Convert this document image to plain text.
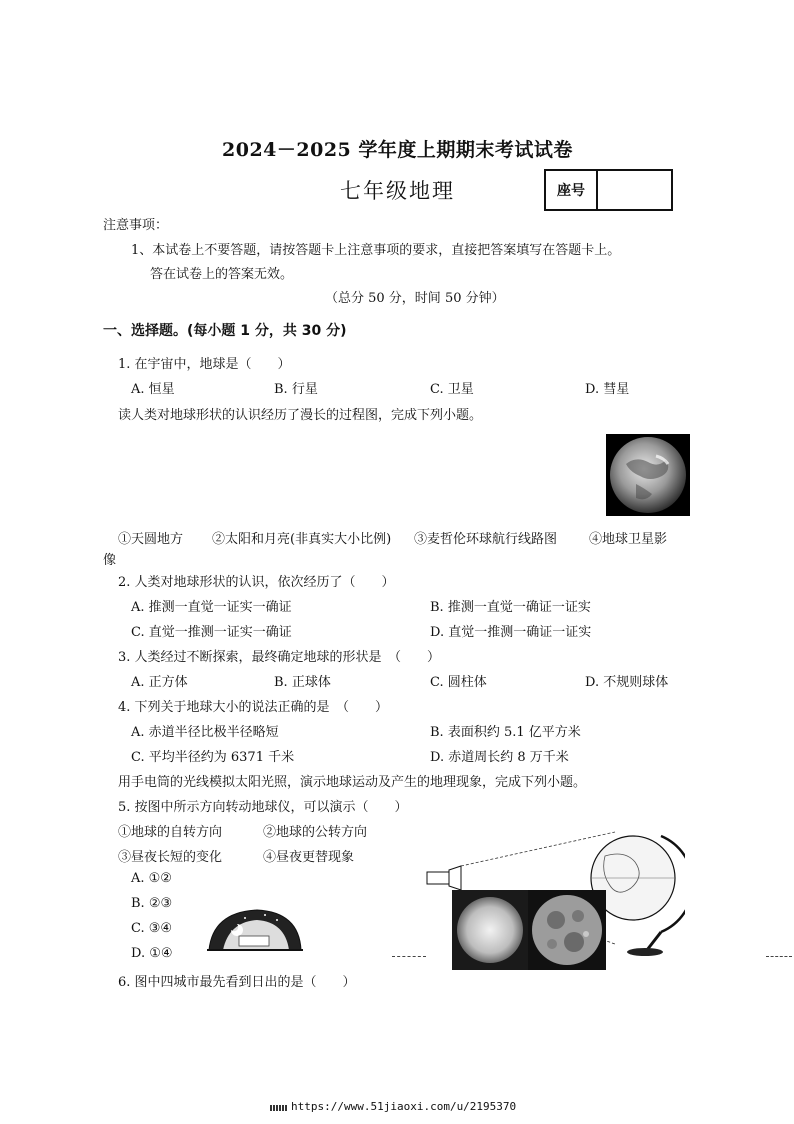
2024－2025 学年度上期期末考试试卷
七年级地理	座号
注意事项：
1、本试卷上不要答题，请按答题卡上注意事项的要求，直接把答案填写在答题卡上。
答在试卷上的答案无效。
（总分 50 分，时间 50 分钟）
一、选择题。(每小题 1 分，共 30 分)
1. 在宇宙中，地球是（　　）
A. 恒星	B. 行星	C. 卫星	D. 彗星
读人类对地球形状的认识经历了漫长的过程图，完成下列小题。
①天圆地方 ②太阳和月亮(非真实大小比例) ③麦哲伦环球航行线路图 ④地球卫星影
像
2. 人类对地球形状的认识，依次经历了（　　）
A. 推测一直觉一证实一确证	B. 推测一直觉一确证一证实
C. 直觉一推测一证实一确证	D. 直觉一推测一确证一证实
3. 人类经过不断探索，最终确定地球的形状是　（　　）
A. 正方体	B. 正球体	C. 圆柱体	D. 不规则球体
4. 下列关于地球大小的说法正确的是　（　　）
A. 赤道半径比极半径略短	B. 表面积约 5.1 亿平方米
C. 平均半径约为 6371 千米	D. 赤道周长约 8 万千米
用手电筒的光线模拟太阳光照，演示地球运动及产生的地理现象，完成下列小题。
5. 按图中所示方向转动地球仪，可以演示（　　）
①地球的自转方向	②地球的公转方向
③昼夜长短的变化	④昼夜更替现象
A. ①②
B. ②③
C. ③④
D. ①④
6. 图中四城市最先看到日出的是（　　）
https://www.51jiaoxi.com/u/2195370
